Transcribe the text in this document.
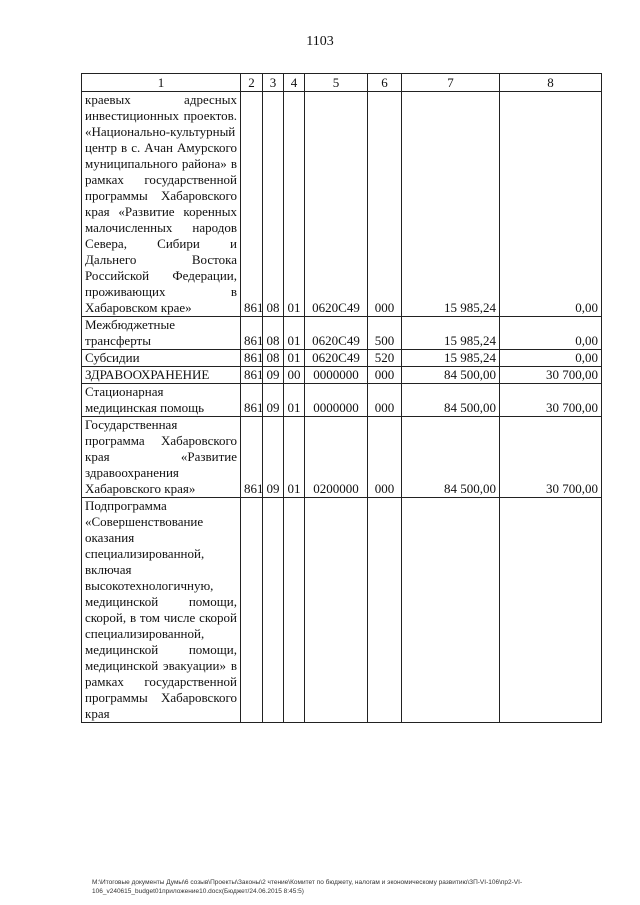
1103
1	2	3	4	5	6	7	8
краевых адресных инвестиционных проектов. «Национально-культурный центр в с. Ачан Амурского муниципального района» в рамках государственной программы Хабаровского края «Развитие коренных малочисленных народов Севера, Сибири и Дальнего Востока Российской Федерации, проживающих в Хабаровском крае»	861	08	01	0620С49	000	15 985,24	0,00
Межбюджетные трансферты	861	08	01	0620С49	500	15 985,24	0,00
Субсидии	861	08	01	0620С49	520	15 985,24	0,00
ЗДРАВООХРАНЕНИЕ	861	09	00	0000000	000	84 500,00	30 700,00
Стационарная медицинская помощь	861	09	01	0000000	000	84 500,00	30 700,00
Государственная программа Хабаровского края «Развитие здравоохранения Хабаровского края»	861	09	01	0200000	000	84 500,00	30 700,00
Подпрограмма «Совершенствование оказания специализированной, включая высокотехнологичную, медицинской помощи, скорой, в том числе скорой специализированной, медицинской помощи, медицинской эвакуации» в рамках государственной программы Хабаровского края							
М:\Итоговые документы Думы\6 созыв\Проекты\Законы\2 чтение\Комитет по бюджету, налогам и экономическому развитию\ЗП-VI-106\пр2-VI-
106_v240615_budget01приложение10.docx(Бюджет/24.06.2015 8:45:5)
